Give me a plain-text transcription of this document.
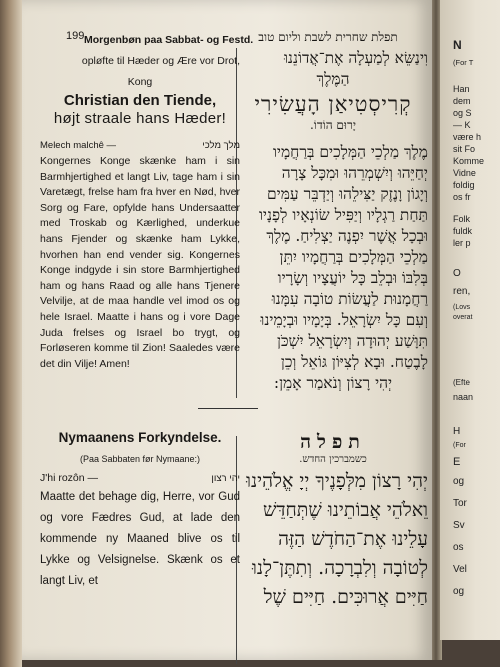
199 Morgenbøn paa Sabbat- og Festd. תפלת שחרית לשבת וליום טוב

opløfte til Hæder og Ære vor Drot,

Kong

Christian den Tiende,

højt straale hans Hæder!

Melech malchê —	מלך מלכי

Kongernes Konge skænke ham i sin Barmhjertighed et langt Liv, tage ham i sin Varetægt, frelse ham fra hver en Nød, hver Sorg og Fare, opfylde hans Undersaatter med Troskab og Kærlighed, underkue hans Fjender og skænke ham Lykke, hvorhen han end vender sig. Kongernes Konge indgyde i sin store Barmhjertighed ham og hans Raad og alle hans Tjenere Velvilje, at de maa handle vel imod os og hele Israel. Maatte i hans og i vore Dage Juda frelses og Israel bo trygt, og Forløseren komme til Zion! Saaledes være det din Vilje! Amen!

וִינַשֵּׂא לְמַעְלָה אֶת־אֲדוֹנֵנוּ

הַמֶּלֶךְ

קְרִיסְטִיאַן הָעֲשִׂירִי

יָרוּם הוֹדוֹ.

מֶלֶךְ מַלְכֵי הַמְּלָכִים בְּרַחֲמָיו

יְחַיֵּהוּ וְיִשְׁמְרֵהוּ וּמִכָּל צָרָה

וְיָגוֹן וָנֶזֶק יַצִּילֵהוּ וְיַדְבֵּר עַמִּים

תַּחַת רַגְלָיו וְיַפִּיל שׂוֹנְאָיו לְפָנָיו

וּבְכָל אֲשֶׁר יִפְנֶה יַצְלִיחַ. מֶלֶךְ

מַלְכֵי הַמְּלָכִים בְּרַחֲמָיו יִתֵּן

בְּלִבּוֹ וּבְלֵב כָּל יוֹעֲצָיו וְשָׂרָיו

רַחֲמָנוּת לַעֲשׂוֹת טוֹבָה עִמָּנוּ

וְעִם כָּל יִשְׂרָאֵל. בְּיָמָיו וּבְיָמֵינוּ

תִּוָּשַׁע יְהוּדָה וְיִשְׂרָאֵל יִשְׁכֹּן

לָבֶטַח. וּבָא לְצִיּוֹן גּוֹאֵל וְכֵן

יְהִי רָצוֹן וְנֹאמַר אָמֵן:

Nymaanens Forkyndelse.

(Paa Sabbaten før Nymaane:)

J'hi rozôn —	יהי רצון

Maatte det behage dig, Herre, vor Gud og vore Fædres Gud, at lade den kommende ny Maaned blive os til Lykke og Velsignelse. Skænk os et langt Liv, et

תפלה

כשמברכין החדש.

יְהִי רָצוֹן מִלְּפָנֶיךָ יְיָ אֱלֹהֵינוּ

וֵאלֹהֵי אֲבוֹתֵינוּ שֶׁתְּחַדֵּשׁ

עָלֵינוּ אֶת־הַחֹדֶשׁ הַזֶּה

לְטוֹבָה וְלִבְרָכָה. וְתִתֶּן־לָנוּ

חַיִּים אֲרוּכִּים. חַיִּים שֶׁל

N
(For T
Han
dem
og S
— K
være h
sit Fo
Komme
Vidne
foldig
os fr
Folk
fuldk
ler p
O
ren,
(Lovs
overat
(Efte
naan
H
(For
E
og
Tor
Sv
os
Vel
og
